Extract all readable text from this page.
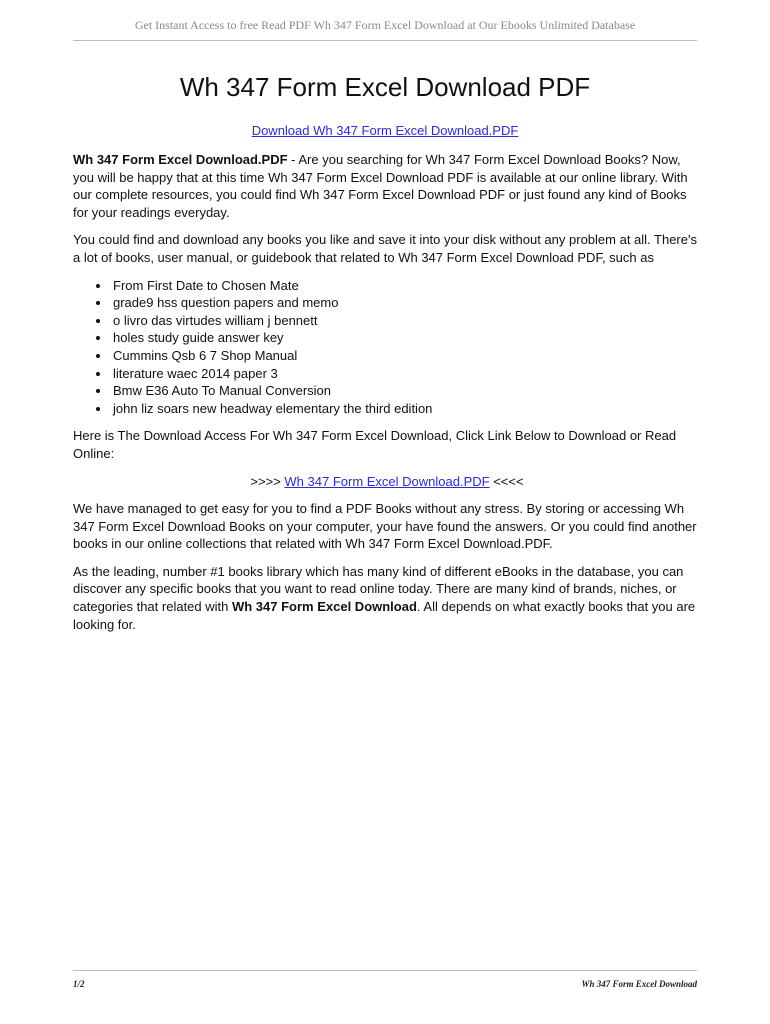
Get Instant Access to free Read PDF Wh 347 Form Excel Download at Our Ebooks Unlimited Database
Wh 347 Form Excel Download PDF
Download Wh 347 Form Excel Download.PDF

Wh 347 Form Excel Download.PDF - Are you searching for Wh 347 Form Excel Download Books? Now, you will be happy that at this time Wh 347 Form Excel Download PDF is available at our online library. With our complete resources, you could find Wh 347 Form Excel Download PDF or just found any kind of Books for your readings everyday.

You could find and download any books you like and save it into your disk without any problem at all. There's a lot of books, user manual, or guidebook that related to Wh 347 Form Excel Download PDF, such as

• From First Date to Chosen Mate
• grade9 hss question papers and memo
• o livro das virtudes william j bennett
• holes study guide answer key
• Cummins Qsb 6 7 Shop Manual
• literature waec 2014 paper 3
• Bmw E36 Auto To Manual Conversion
• john liz soars new headway elementary the third edition

Here is The Download Access For Wh 347 Form Excel Download, Click Link Below to Download or Read Online:

>>>> Wh 347 Form Excel Download.PDF <<<<

We have managed to get easy for you to find a PDF Books without any stress. By storing or accessing Wh 347 Form Excel Download Books on your computer, your have found the answers. Or you could find another books in our online collections that related with Wh 347 Form Excel Download.PDF.

As the leading, number #1 books library which has many kind of different eBooks in the database, you can discover any specific books that you want to read online today. There are many kind of brands, niches, or categories that related with Wh 347 Form Excel Download. All depends on what exactly books that you are looking for.

1/2	Wh 347 Form Excel Download
